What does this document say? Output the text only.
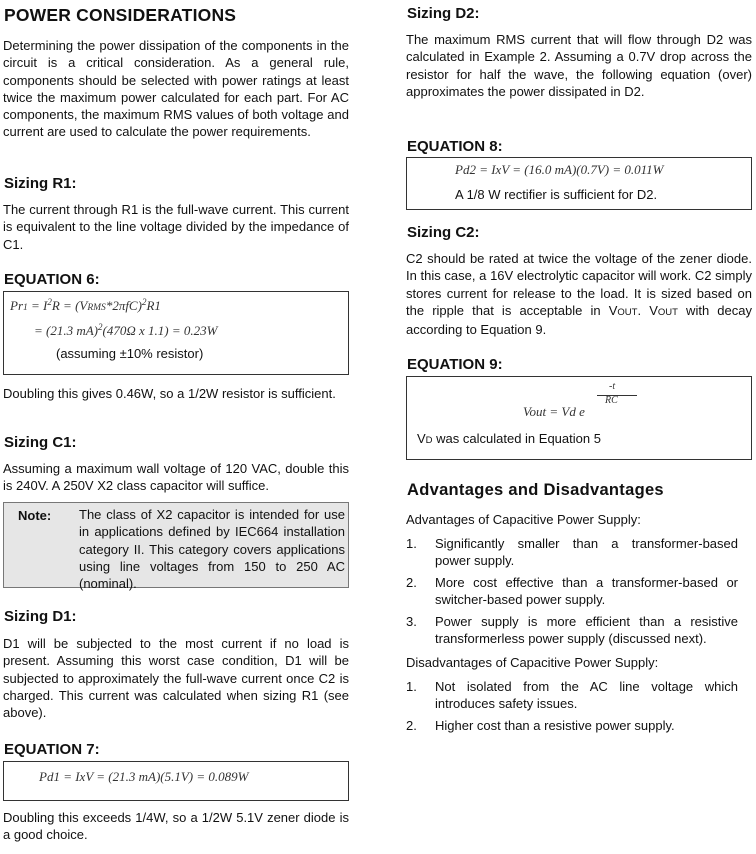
POWER CONSIDERATIONS

Determining the power dissipation of the components in the circuit is a critical consideration. As a general rule, components should be selected with power ratings at least twice the maximum power calculated for each part. For AC components, the maximum RMS values of both voltage and current are used to calculate the power requirements.

Sizing R1:

The current through R1 is the full-wave current. This current is equivalent to the line voltage divided by the impedance of C1.

EQUATION 6:
$Pr1 = I^2R$ = (VRMS*2πfC)$^2$R1
= (21.3 mA)$^2$(470Ω x 1.1) = 0.23W
(assuming ±10% resistor)

Doubling this gives 0.46W, so a 1/2W resistor is sufficient.

Sizing C1:

Assuming a maximum wall voltage of 120 VAC, double this is 240V. A 250V X2 class capacitor will suffice.

Note: The class of X2 capacitor is intended for use in applications defined by IEC664 installation category II. This category covers applications using line voltages from 150 to 250 AC (nominal).
Sizing D1:

D1 will be subjected to the most current if no load is present. Assuming this worst case condition, D1 will be subjected to approximately the full-wave current once C2 is charged. This current was calculated when sizing R1 (see above).

EQUATION 7:
Pd1 = IxV = (21.3 mA)(5.1V) = 0.089W

Doubling this exceeds 1/4W, so a 1/2W 5.1V zener diode is a good choice.

Sizing D2:

The maximum RMS current that will flow through D2 was calculated in Example 2. Assuming a 0.7V drop across the resistor for half the wave, the following equation (over) approximates the power dissipated in D2.

EQUATION 8:
Pd2 = IxV = (16.0 mA)(0.7V) = 0.011W
A 1/8 W rectifier is sufficient for D2.
Sizing C2:

C2 should be rated at twice the voltage of the zener diode. In this case, a 16V electrolytic capacitor will work. C2 simply stores current for release to the load. It is sized based on the ripple that is acceptable in VOUT. VOUT with decay according to Equation 9.

EQUATION 9:
Vout = Vd e
-t
RC
VD was calculated in Equation 5
Advantages and Disadvantages
Advantages of Capacitive Power Supply:
1. Significantly smaller than a transformer-based power supply.
2. More cost effective than a transformer-based or switcher-based power supply.
3. Power supply is more efficient than a resistive transformerless power supply (discussed next).
Disadvantages of Capacitive Power Supply:
1. Not isolated from the AC line voltage which introduces safety issues.
2. Higher cost than a resistive power supply.
